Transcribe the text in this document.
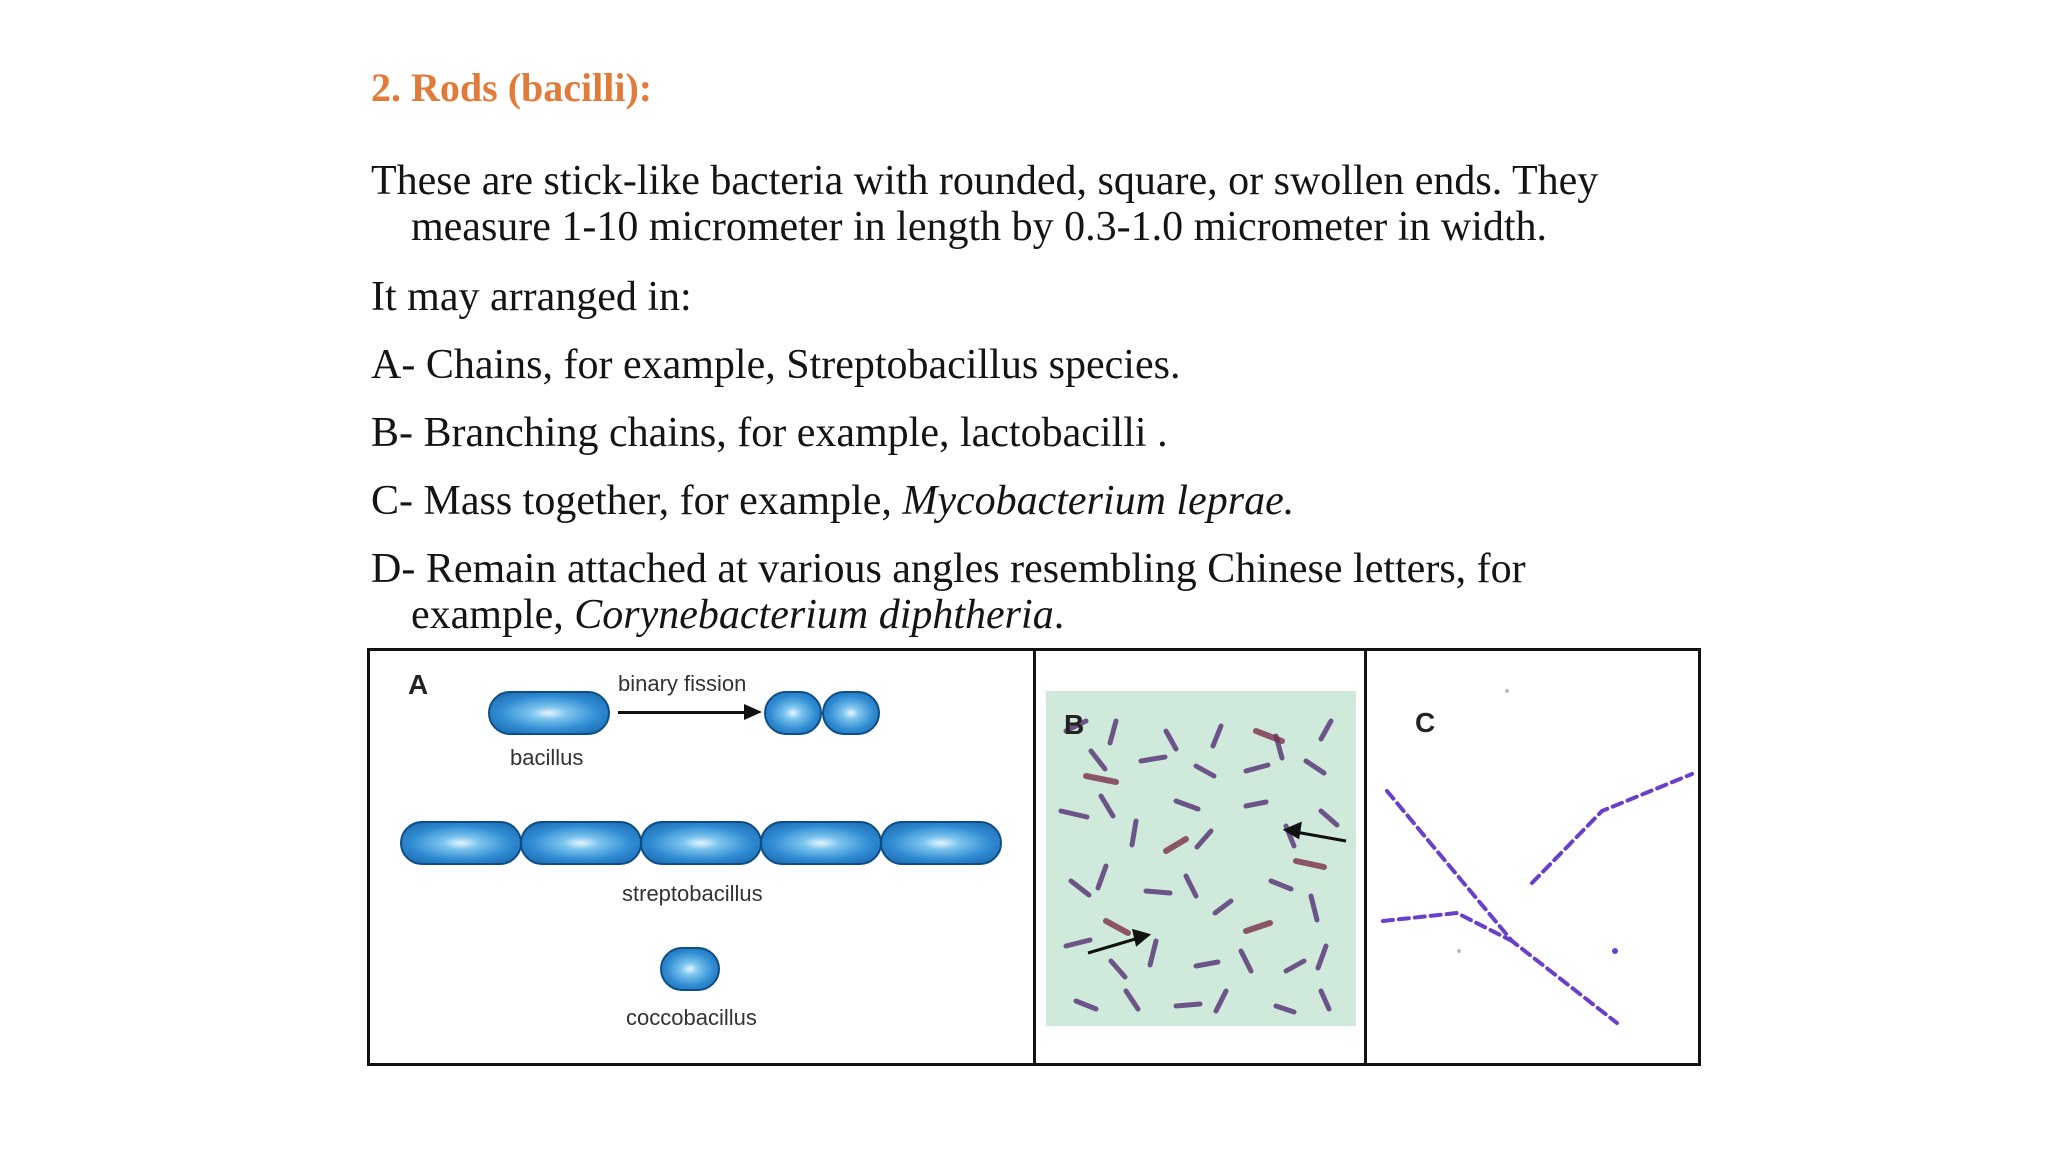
2. Rods (bacilli):

These are stick-like bacteria with rounded, square, or swollen ends. They
measure 1-10 micrometer in length by 0.3-1.0 micrometer in width.

It may arranged in:

A- Chains, for example, Streptobacillus species.

B- Branching chains, for example, lactobacilli .

C- Mass together, for example, Mycobacterium leprae.

D- Remain attached at various angles resembling Chinese letters, for
example, Corynebacterium diphtheria.

A
bacillus
binary fission
streptobacillus
coccobacillus
B	C
